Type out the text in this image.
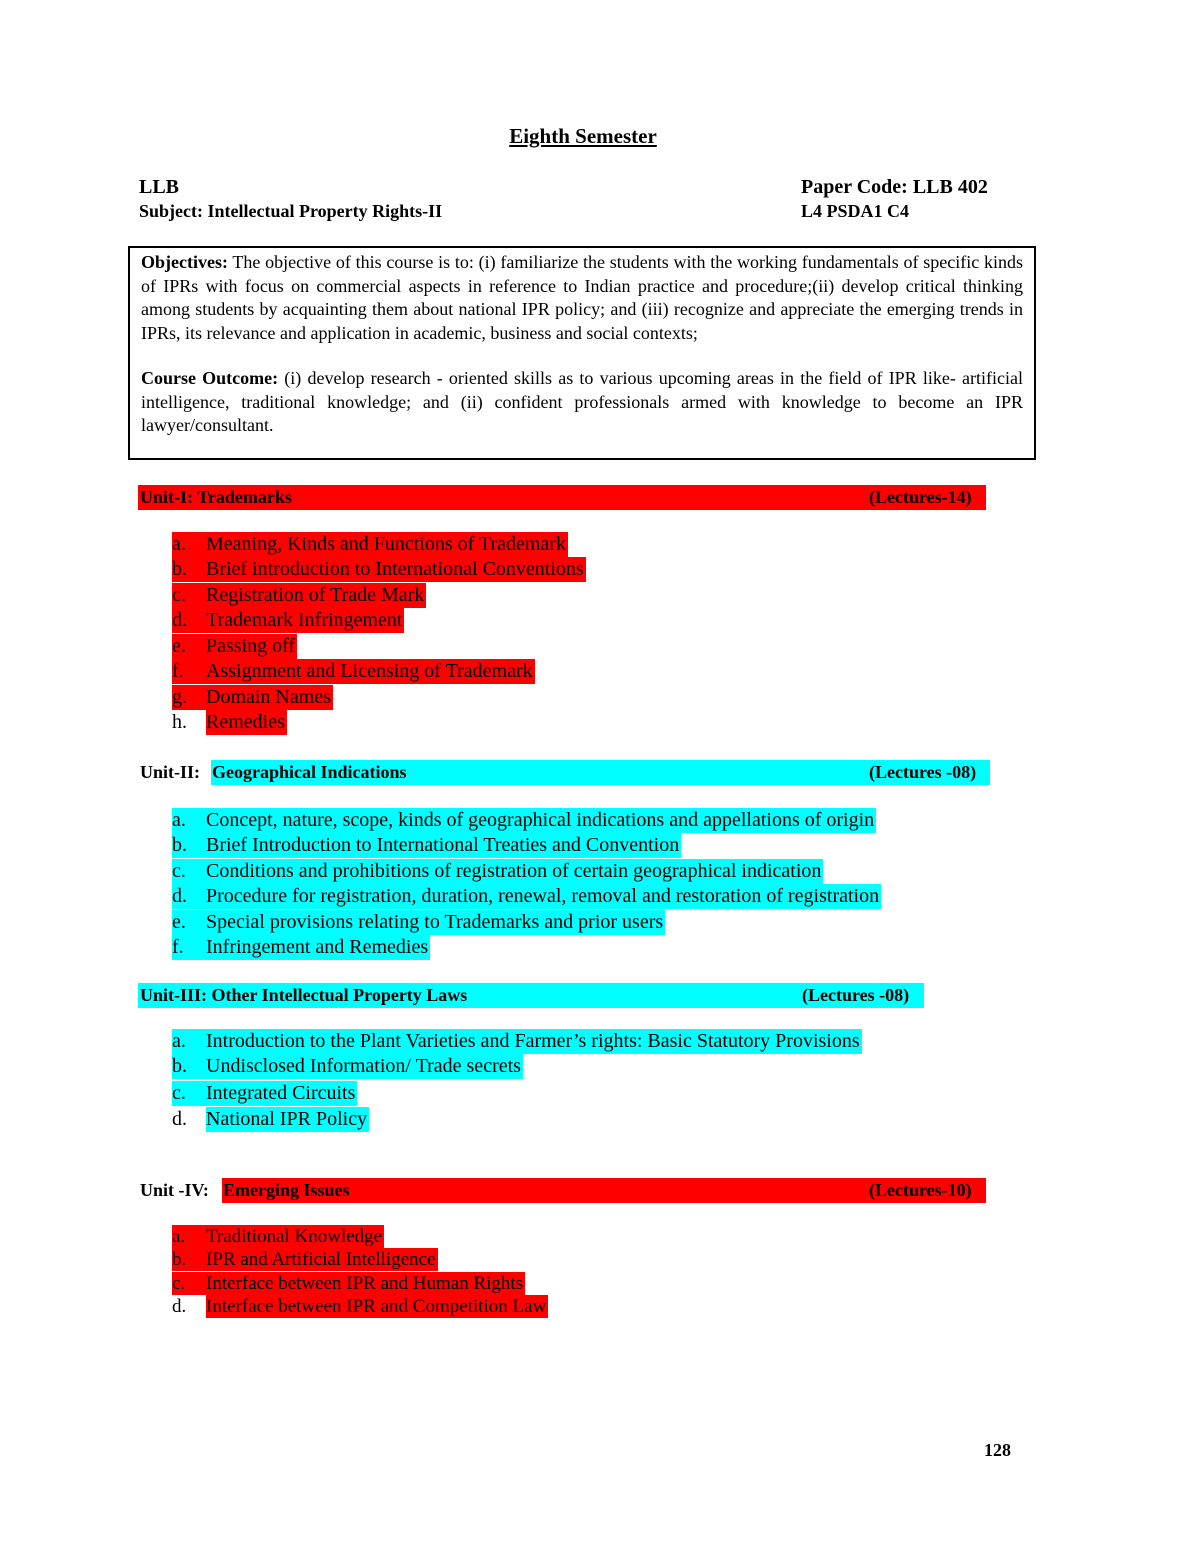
Eighth Semester
LLB	Paper Code: LLB 402
Subject: Intellectual Property Rights-II	L4 PSDA1 C4

Objectives: The objective of this course is to: (i) familiarize the students with the working fundamentals of specific kinds of IPRs with focus on commercial aspects in reference to Indian practice and procedure;(ii) develop critical thinking among students by acquainting them about national IPR policy; and (iii) recognize and appreciate the emerging trends in IPRs, its relevance and application in academic, business and social contexts;

Course Outcome: (i) develop research - oriented skills as to various upcoming areas in the field of IPR like- artificial intelligence, traditional knowledge; and (ii) confident professionals armed with knowledge to become an IPR lawyer/consultant.

Unit-I: Trademarks	(Lectures-14)
a.	Meaning, Kinds and Functions of Trademark
b. Brief introduction to International Conventions
c.	Registration of Trade Mark
d. Trademark Infringement
e.	Passing off
f.	Assignment and Licensing of Trademark
g. Domain Names
h. Remedies
Unit-II: Geographical Indications	(Lectures -08)
a.	Concept, nature, scope, kinds of geographical indications and appellations of origin
b. Brief Introduction to International Treaties and Convention
c.	Conditions and prohibitions of registration of certain geographical indication
d. Procedure for registration, duration, renewal, removal and restoration of registration
e.	Special provisions relating to Trademarks and prior users
f.	Infringement and Remedies
Unit-III: Other Intellectual Property Laws	(Lectures -08)
a.	Introduction to the Plant Varieties and Farmer’s rights: Basic Statutory Provisions
b. Undisclosed Information/ Trade secrets
c.	Integrated Circuits
d. National IPR Policy
Unit -IV: Emerging Issues	(Lectures-10)
a.	Traditional Knowledge
b.	IPR and Artificial Intelligence
c.	Interface between IPR and Human Rights
d.	Interface between IPR and Competition Law
128
